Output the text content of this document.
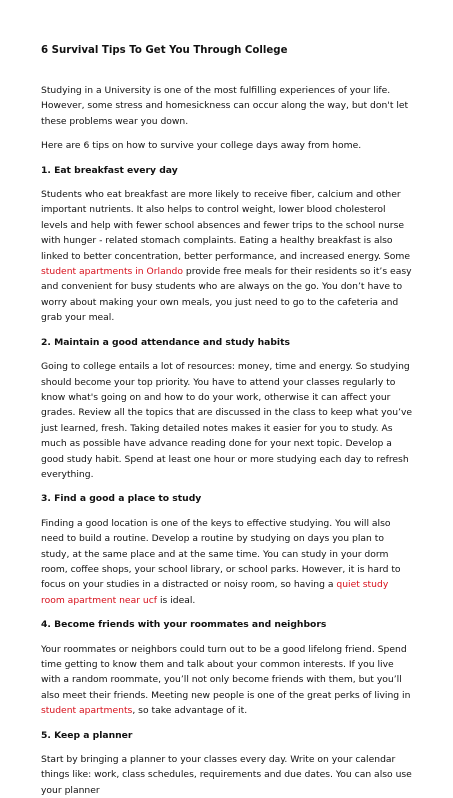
6 Survival Tips To Get You Through College

Studying in a University is one of the most fulfilling experiences of your life. However, some stress and homesickness can occur along the way, but don't let these problems wear you down.

Here are 6 tips on how to survive your college days away from home.

1. Eat breakfast every day

Students who eat breakfast are more likely to receive fiber, calcium and other important nutrients. It also helps to control weight, lower blood cholesterol levels and help with fewer school absences and fewer trips to the school nurse with hunger - related stomach complaints. Eating a healthy breakfast is also linked to better concentration, better performance, and increased energy. Some student apartments in Orlando provide free meals for their residents so it’s easy and convenient for busy students who are always on the go. You don’t have to worry about making your own meals, you just need to go to the cafeteria and grab your meal.

2. Maintain a good attendance and study habits

Going to college entails a lot of resources: money, time and energy. So studying should become your top priority. You have to attend your classes regularly to know what's going on and how to do your work, otherwise it can affect your grades. Review all the topics that are discussed in the class to keep what you’ve just learned, fresh. Taking detailed notes makes it easier for you to study. As much as possible have advance reading done for your next topic. Develop a good study habit. Spend at least one hour or more studying each day to refresh everything.

3. Find a good a place to study

Finding a good location is one of the keys to effective studying. You will also need to build a routine. Develop a routine by studying on days you plan to study, at the same place and at the same time. You can study in your dorm room, coffee shops, your school library, or school parks. However, it is hard to focus on your studies in a distracted or noisy room, so having a quiet study room apartment near ucf is ideal.

4. Become friends with your roommates and neighbors

Your roommates or neighbors could turn out to be a good lifelong friend. Spend time getting to know them and talk about your common interests. If you live with a random roommate, you’ll not only become friends with them, but you’ll also meet their friends. Meeting new people is one of the great perks of living in student apartments, so take advantage of it.

5. Keep a planner

Start by bringing a planner to your classes every day. Write on your calendar things like: work, class schedules, requirements and due dates. You can also use your planner
